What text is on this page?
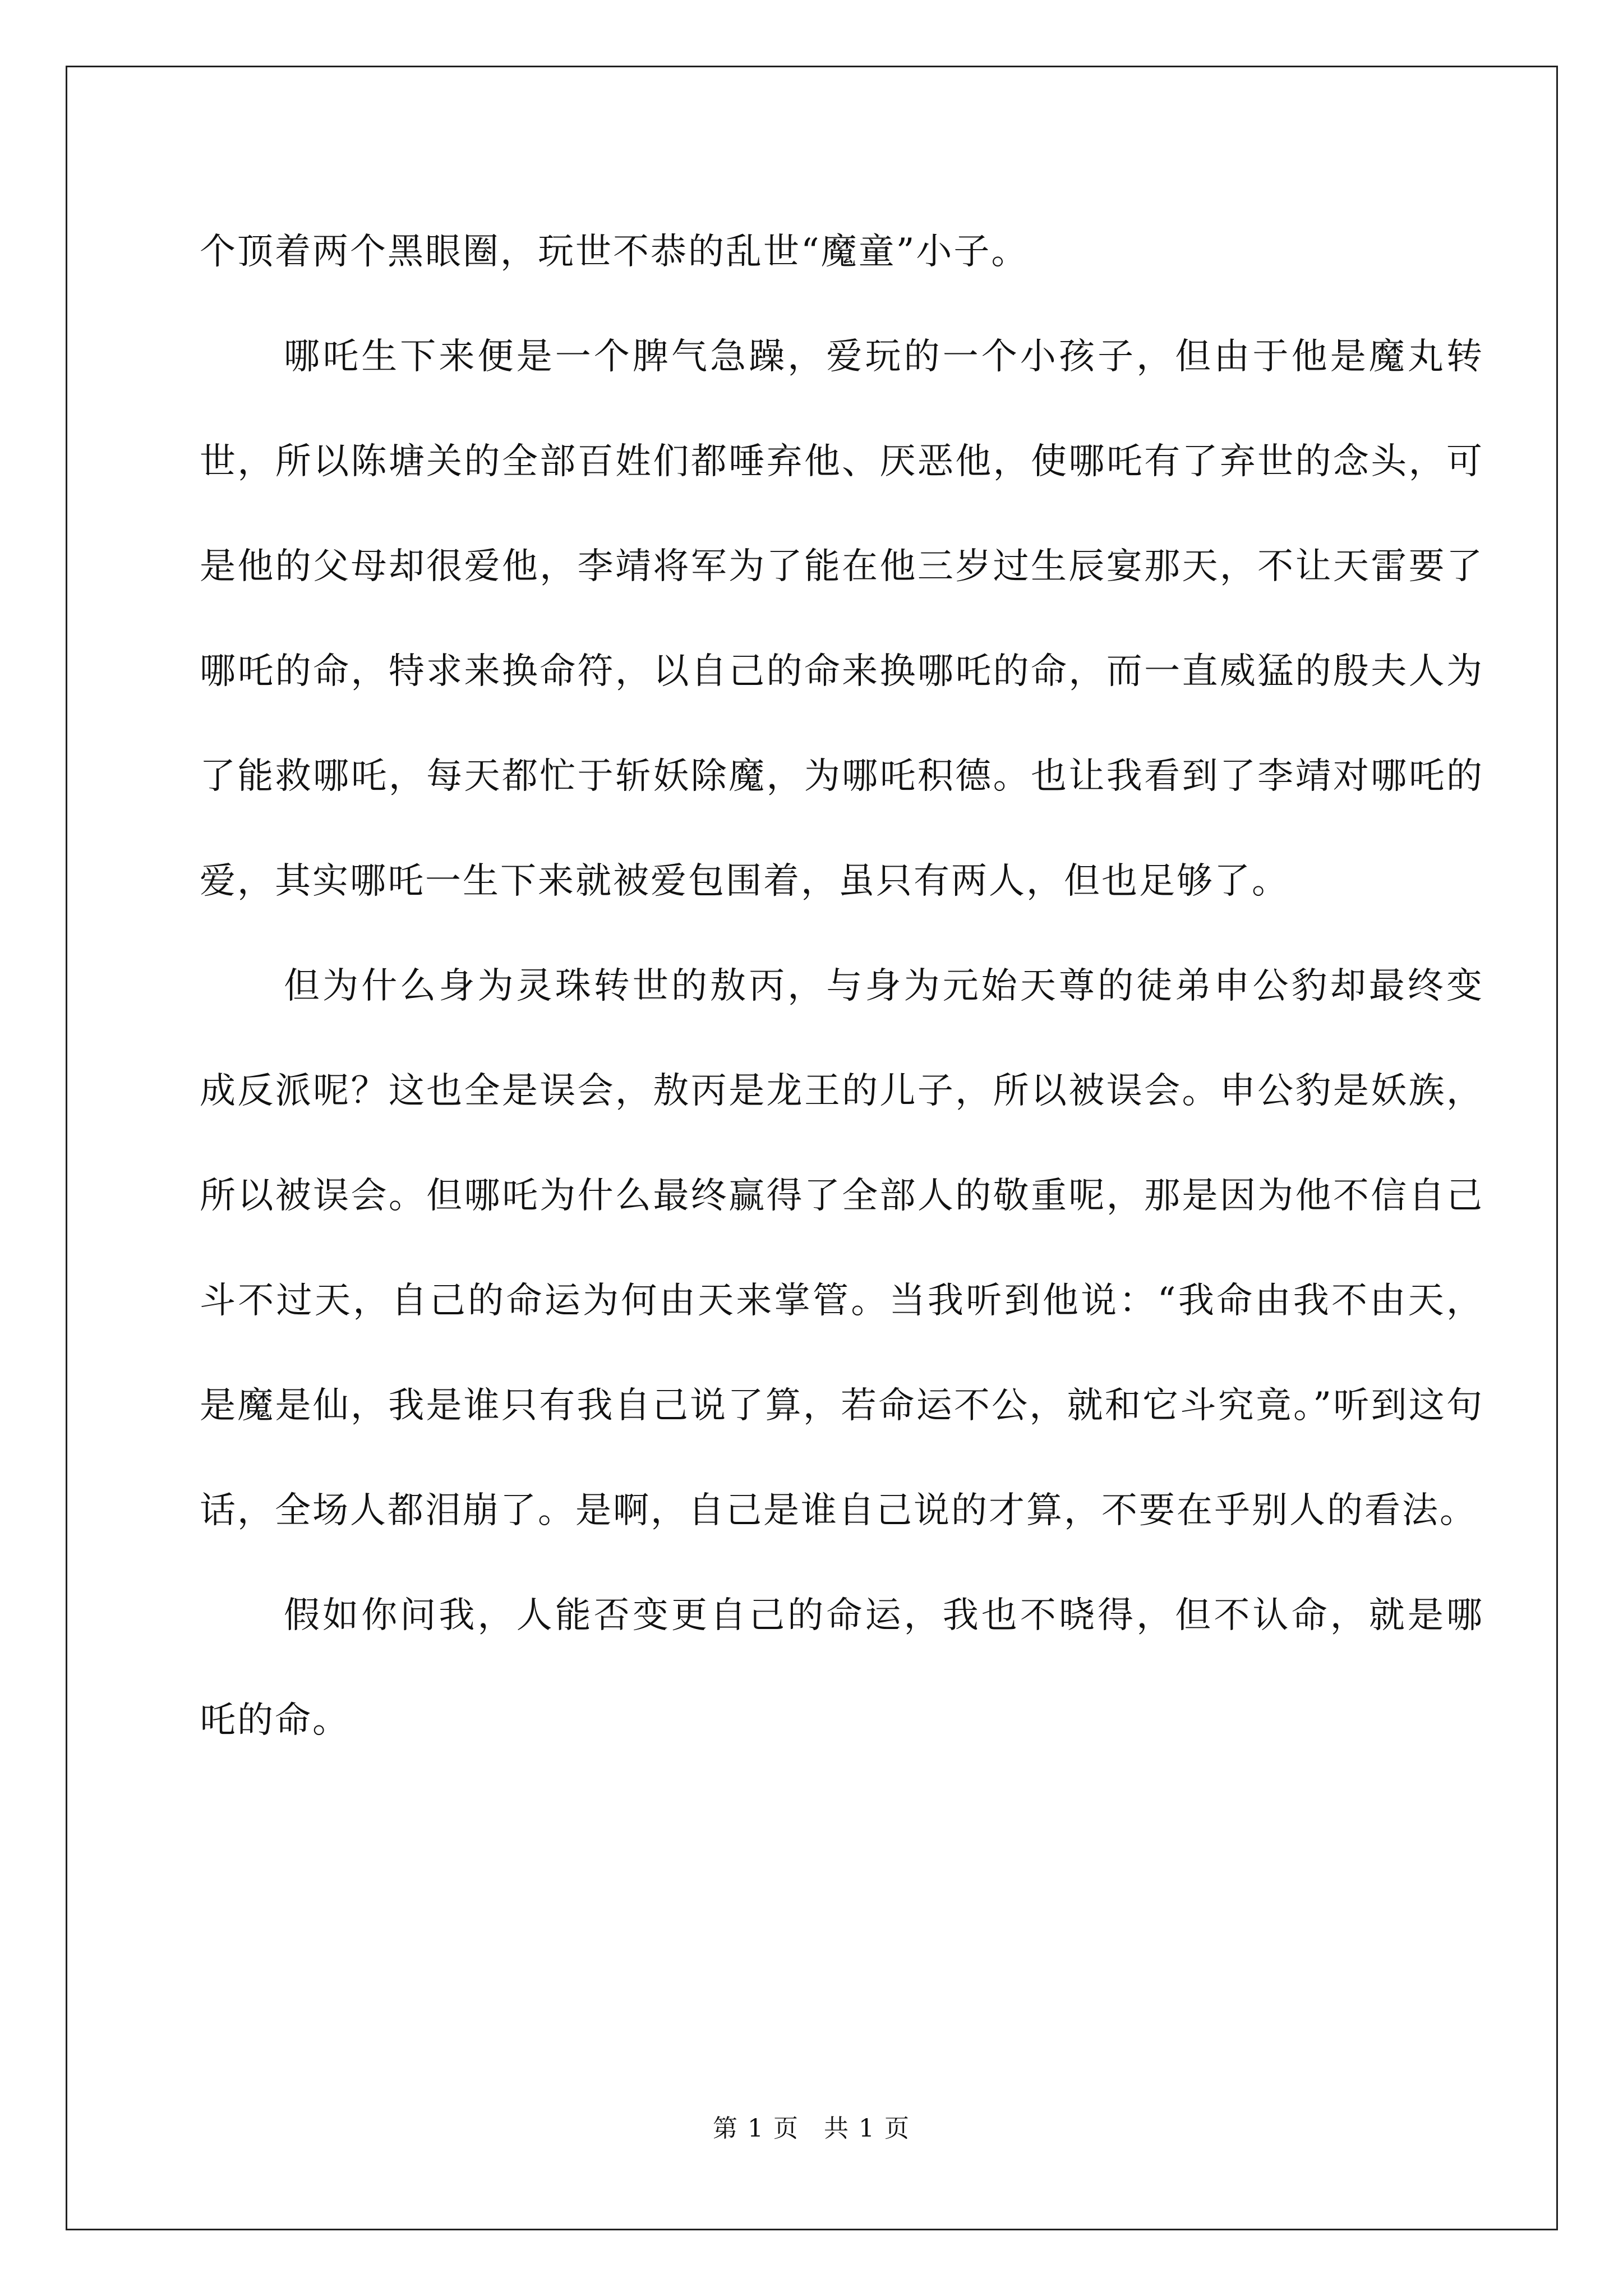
个顶着两个黑眼圈，玩世不恭的乱世“魔童”小子。

哪吒生下来便是一个脾气急躁，爱玩的一个小孩子，但由于他是魔丸转世，所以陈塘关的全部百姓们都唾弃他、厌恶他，使哪吒有了弃世的念头，可是他的父母却很爱他，李靖将军为了能在他三岁过生辰宴那天，不让天雷要了哪吒的命，特求来换命符，以自己的命来换哪吒的命，而一直威猛的殷夫人为了能救哪吒，每天都忙于斩妖除魔，为哪吒积德。也让我看到了李靖对哪吒的爱，其实哪吒一生下来就被爱包围着，虽只有两人，但也足够了。

但为什么身为灵珠转世的敖丙，与身为元始天尊的徒弟申公豹却最终变成反派呢？这也全是误会，敖丙是龙王的儿子，所以被误会。申公豹是妖族，所以被误会。但哪吒为什么最终赢得了全部人的敬重呢，那是因为他不信自己斗不过天，自己的命运为何由天来掌管。当我听到他说：“我命由我不由天，是魔是仙，我是谁只有我自己说了算，若命运不公，就和它斗究竟。”听到这句话，全场人都泪崩了。是啊，自己是谁自己说的才算，不要在乎别人的看法。

假如你问我，人能否变更自己的命运，我也不晓得，但不认命，就是哪吒的命。

第 1 页 共 1 页
